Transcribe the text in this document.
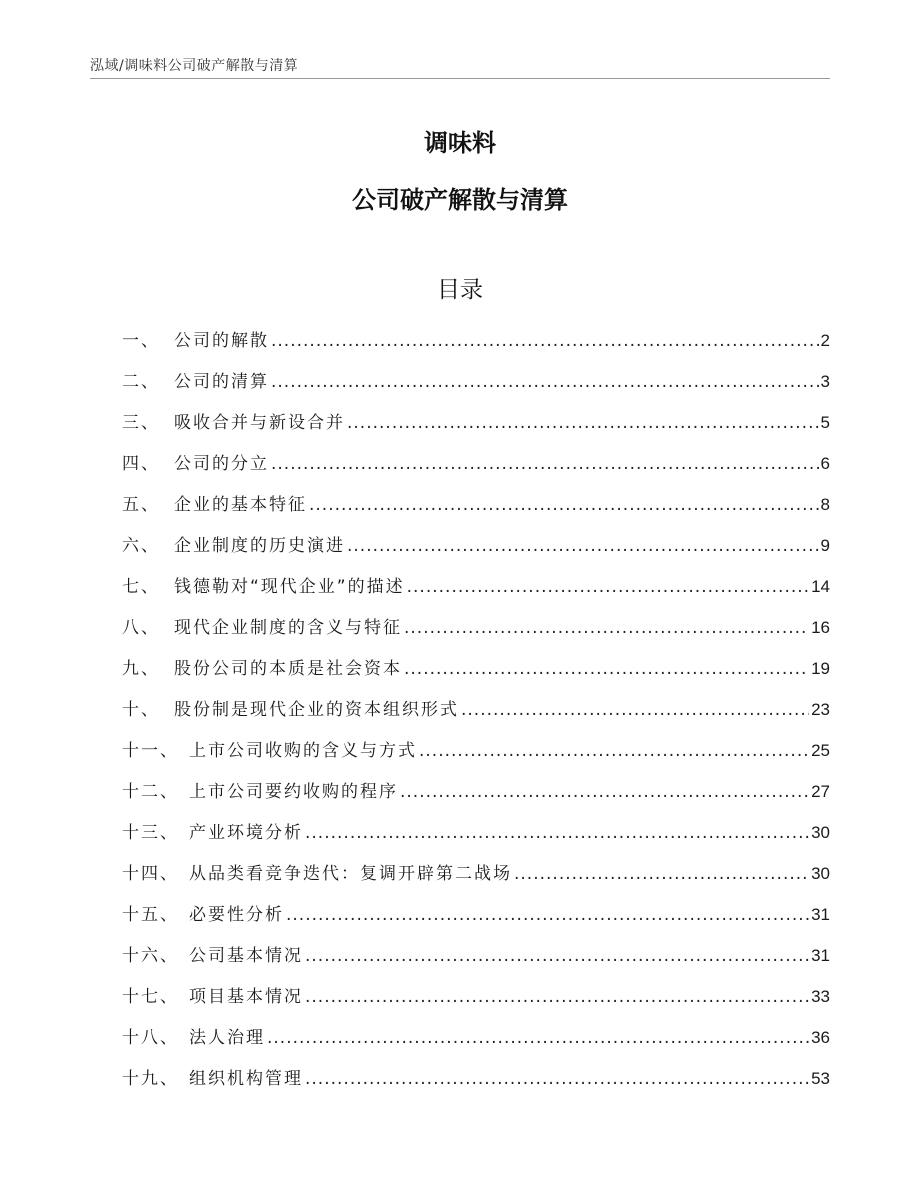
泓域/调味料公司破产解散与清算
调味料
公司破产解散与清算
目录
一、 公司的解散 .....	2
二、 公司的清算 .....	3
三、 吸收合并与新设合并 .....	5
四、 公司的分立 .....	6
五、 企业的基本特征 .....	8
六、 企业制度的历史演进 .....	9
七、 钱德勒对“现代企业”的描述 .....	14
八、 现代企业制度的含义与特征 .....	16
九、 股份公司的本质是社会资本 .....	19
十、 股份制是现代企业的资本组织形式 .....	23
十一、 上市公司收购的含义与方式 .....	25
十二、 上市公司要约收购的程序 .....	27
十三、 产业环境分析 .....	30
十四、 从品类看竞争迭代：复调开辟第二战场 .....	30
十五、 必要性分析 .....	31
十六、 公司基本情况 .....	31
十七、 项目基本情况 .....	33
十八、 法人治理 .....	36
十九、 组织机构管理 .....	53
